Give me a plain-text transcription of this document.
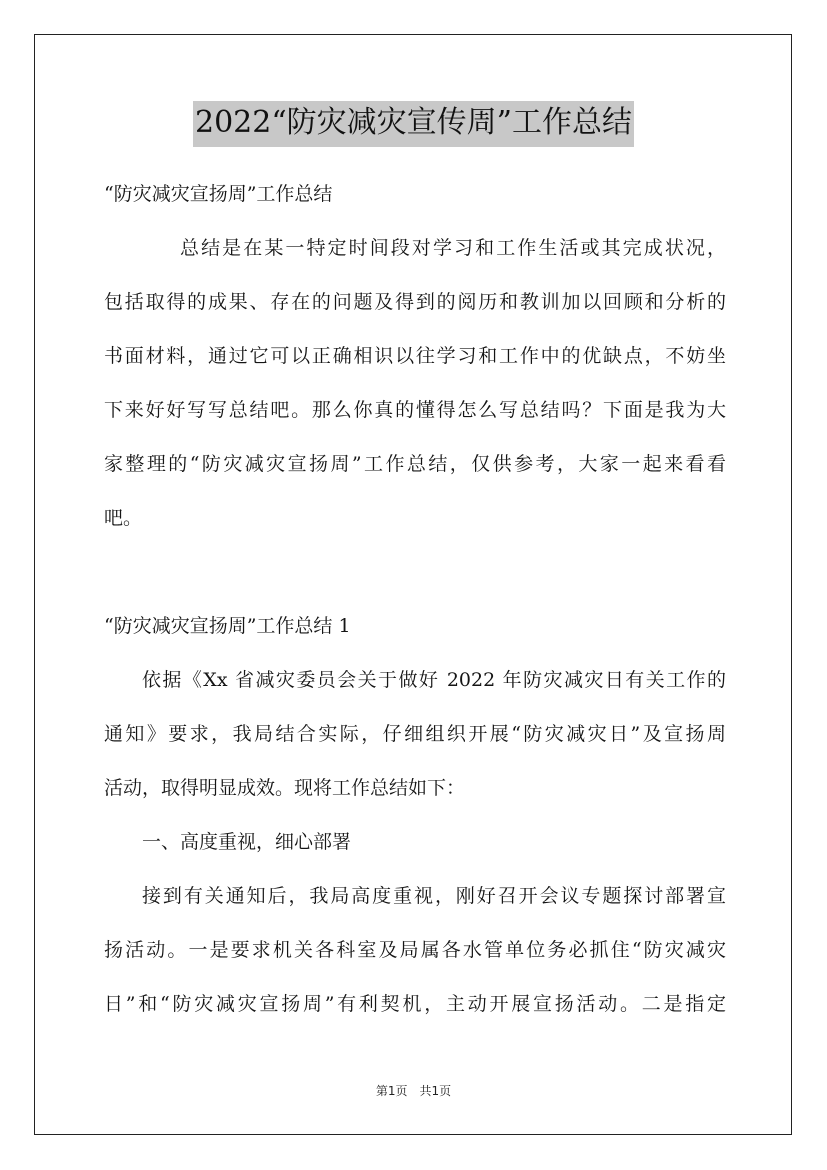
2022“防灾减灾宣传周”工作总结
“防灾减灾宣扬周”工作总结
总结是在某一特定时间段对学习和工作生活或其完成状况，
包括取得的成果、存在的问题及得到的阅历和教训加以回顾和分析的
书面材料，通过它可以正确相识以往学习和工作中的优缺点，不妨坐
下来好好写写总结吧。那么你真的懂得怎么写总结吗？下面是我为大
家整理的“防灾减灾宣扬周”工作总结，仅供参考，大家一起来看看
吧。
“防灾减灾宣扬周”工作总结 1
依据《Xx 省减灾委员会关于做好 2022 年防灾减灾日有关工作的
通知》要求，我局结合实际，仔细组织开展“防灾减灾日”及宣扬周
活动，取得明显成效。现将工作总结如下：
一、高度重视，细心部署
接到有关通知后，我局高度重视，刚好召开会议专题探讨部署宣
扬活动。一是要求机关各科室及局属各水管单位务必抓住“防灾减灾
日”和“防灾减灾宣扬周”有利契机，主动开展宣扬活动。二是指定
第1页　共1页
